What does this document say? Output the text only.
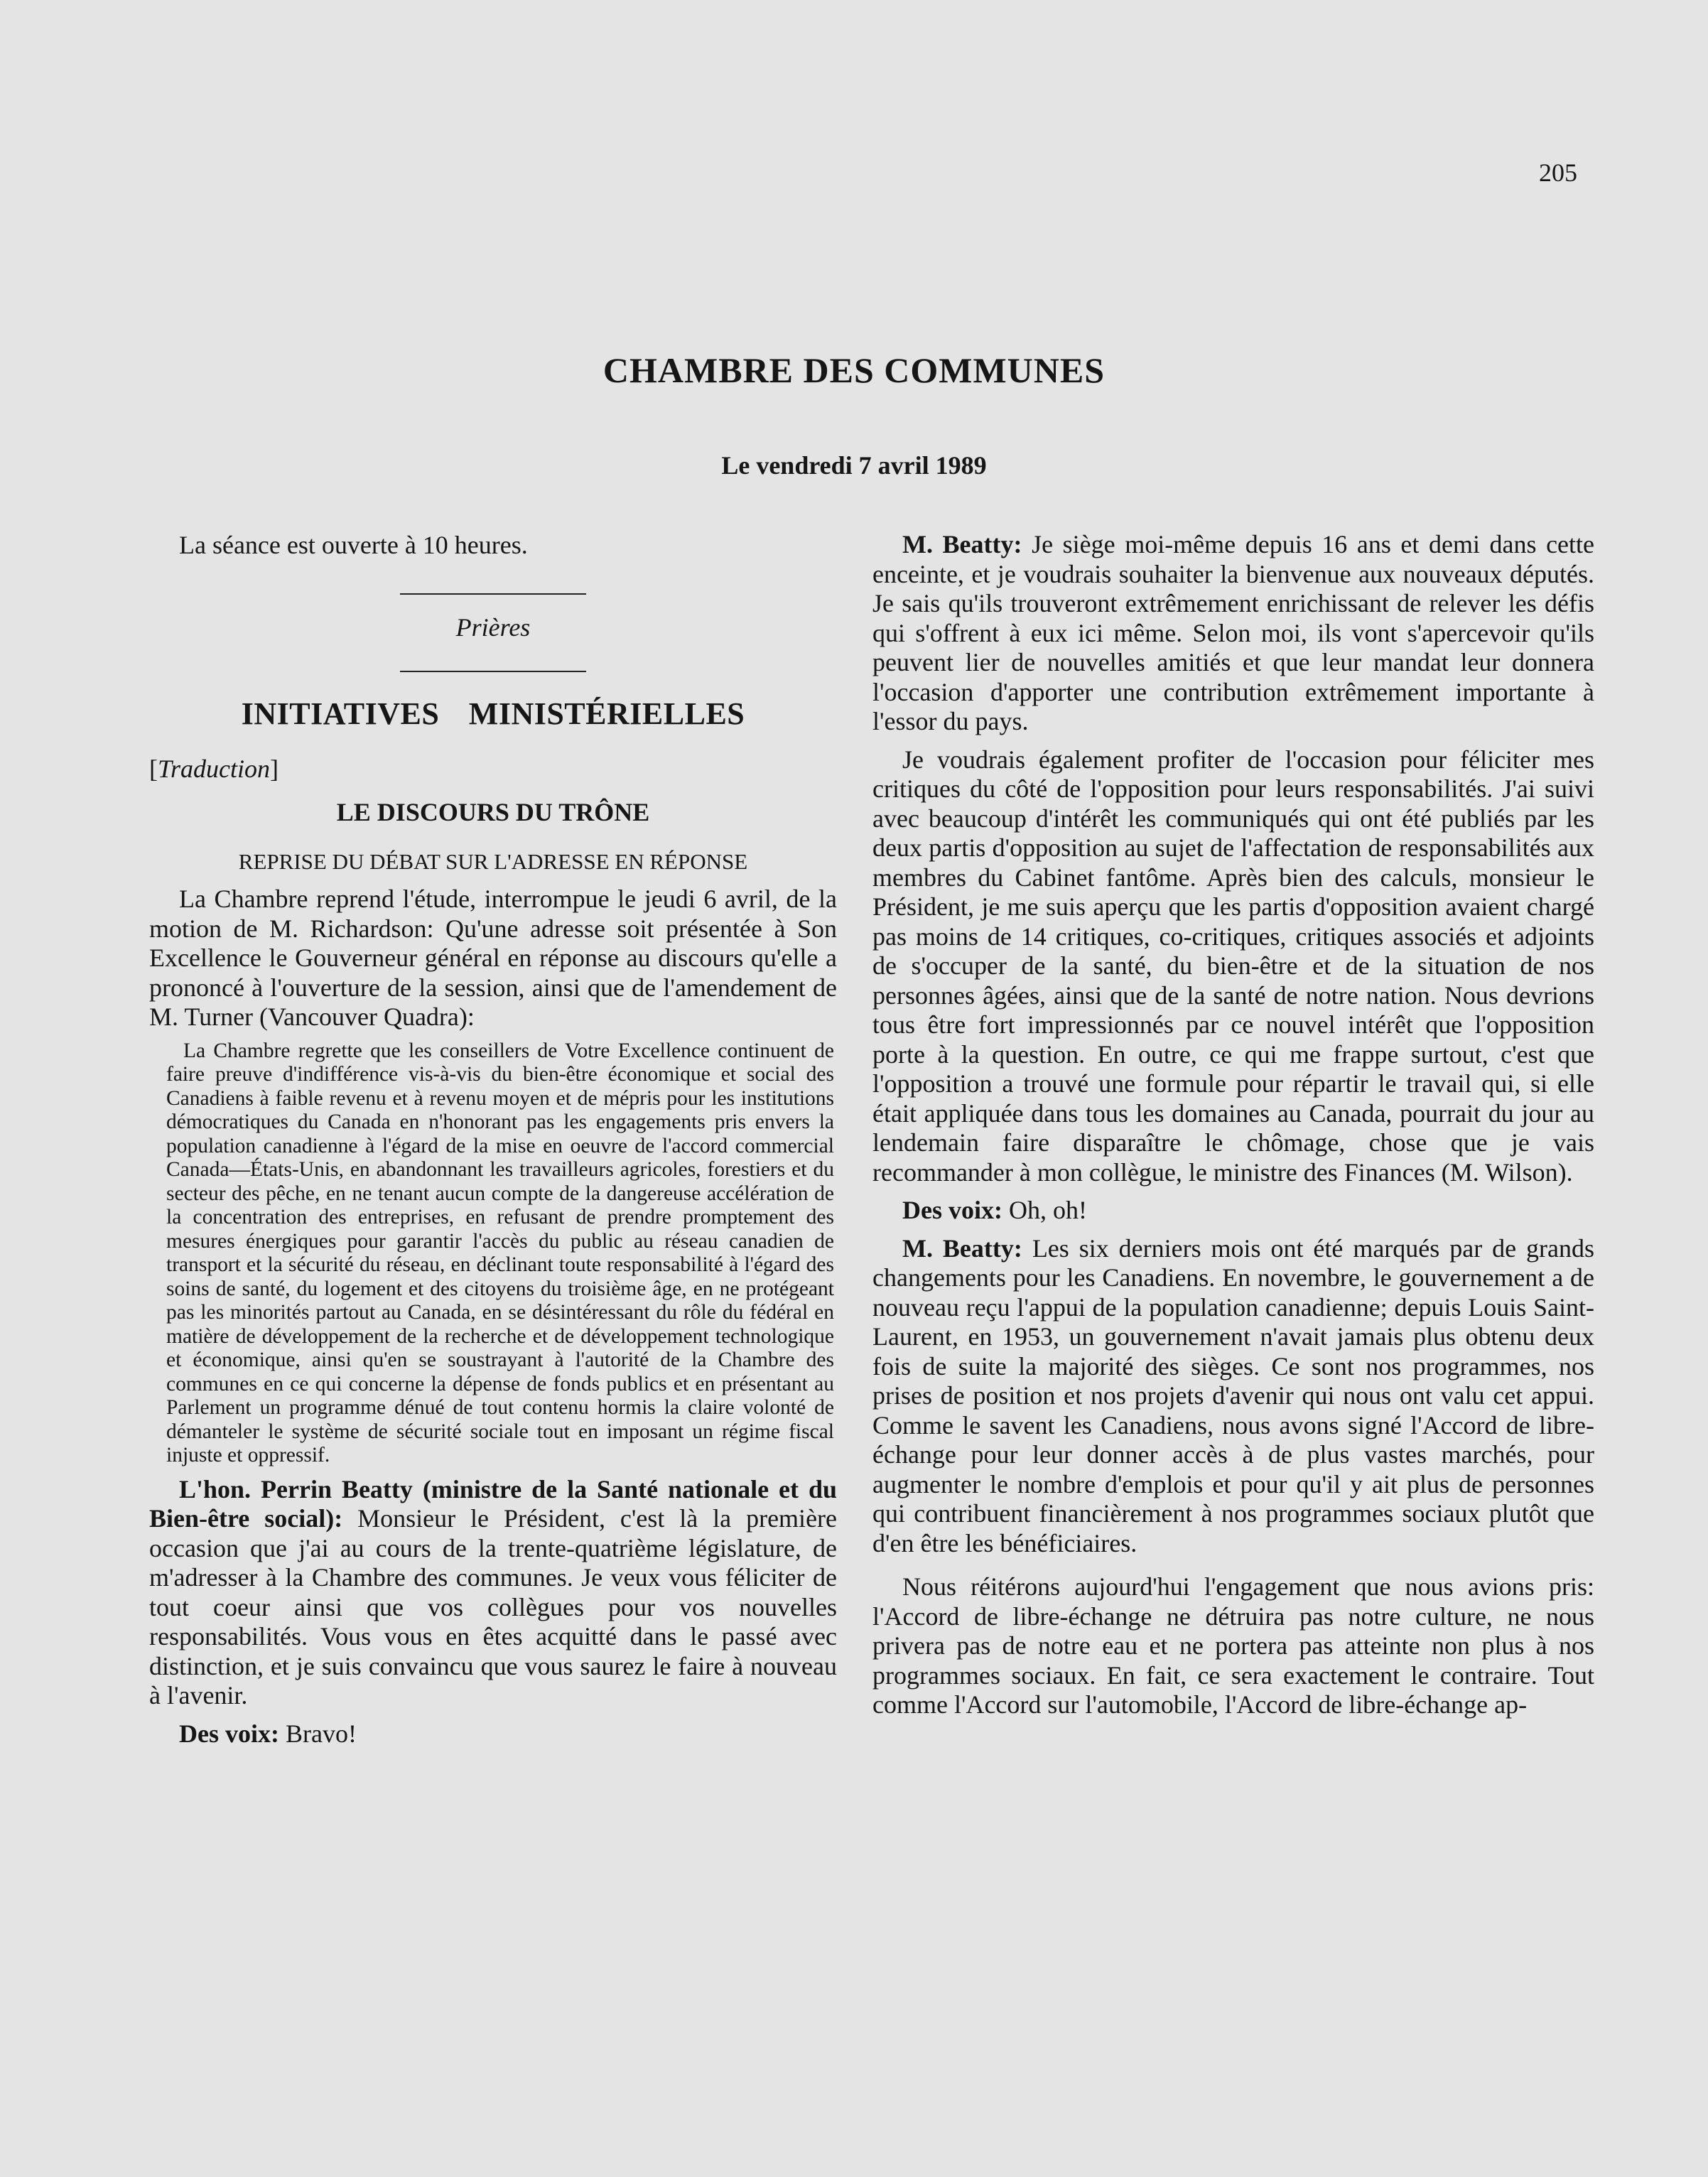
205
CHAMBRE DES COMMUNES
Le vendredi 7 avril 1989

La séance est ouverte à 10 heures.

Prières

INITIATIVES MINISTÉRIELLES

[Traduction]

LE DISCOURS DU TRÔNE

REPRISE DU DÉBAT SUR L'ADRESSE EN RÉPONSE

La Chambre reprend l'étude, interrompue le jeudi 6 avril, de la motion de M. Richardson: Qu'une adresse soit présentée à Son Excellence le Gouverneur général en réponse au discours qu'elle a prononcé à l'ouverture de la session, ainsi que de l'amendement de M. Turner (Vancouver Quadra):

La Chambre regrette que les conseillers de Votre Excellence continuent de faire preuve d'indifférence vis-à-vis du bien-être économique et social des Canadiens à faible revenu et à revenu moyen et de mépris pour les institutions démocratiques du Canada en n'honorant pas les engagements pris envers la population canadienne à l'égard de la mise en oeuvre de l'accord commercial Canada—États-Unis, en abandonnant les travailleurs agricoles, forestiers et du secteur des pêche, en ne tenant aucun compte de la dangereuse accélération de la concentration des entreprises, en refusant de prendre promptement des mesures énergiques pour garantir l'accès du public au réseau canadien de transport et la sécurité du réseau, en déclinant toute responsabilité à l'égard des soins de santé, du logement et des citoyens du troisième âge, en ne protégeant pas les minorités partout au Canada, en se désintéressant du rôle du fédéral en matière de développement de la recherche et de développement technologique et économique, ainsi qu'en se soustrayant à l'autorité de la Chambre des communes en ce qui concerne la dépense de fonds publics et en présentant au Parlement un programme dénué de tout contenu hormis la claire volonté de démanteler le système de sécurité sociale tout en imposant un régime fiscal injuste et oppressif.

L'hon. Perrin Beatty (ministre de la Santé nationale et du Bien-être social): Monsieur le Président, c'est là la première occasion que j'ai au cours de la trente-quatrième législature, de m'adresser à la Chambre des communes. Je veux vous féliciter de tout coeur ainsi que vos collègues pour vos nouvelles responsabilités. Vous vous en êtes acquitté dans le passé avec distinction, et je suis convaincu que vous saurez le faire à nouveau à l'avenir.

Des voix: Bravo!

M. Beatty: Je siège moi-même depuis 16 ans et demi dans cette enceinte, et je voudrais souhaiter la bienvenue aux nouveaux députés. Je sais qu'ils trouveront extrêmement enrichissant de relever les défis qui s'offrent à eux ici même. Selon moi, ils vont s'apercevoir qu'ils peuvent lier de nouvelles amitiés et que leur mandat leur donnera l'occasion d'apporter une contribution extrêmement importante à l'essor du pays.

Je voudrais également profiter de l'occasion pour féliciter mes critiques du côté de l'opposition pour leurs responsabilités. J'ai suivi avec beaucoup d'intérêt les communiqués qui ont été publiés par les deux partis d'opposition au sujet de l'affectation de responsabilités aux membres du Cabinet fantôme. Après bien des calculs, monsieur le Président, je me suis aperçu que les partis d'opposition avaient chargé pas moins de 14 critiques, co-critiques, critiques associés et adjoints de s'occuper de la santé, du bien-être et de la situation de nos personnes âgées, ainsi que de la santé de notre nation. Nous devrions tous être fort impressionnés par ce nouvel intérêt que l'opposition porte à la question. En outre, ce qui me frappe surtout, c'est que l'opposition a trouvé une formule pour répartir le travail qui, si elle était appliquée dans tous les domaines au Canada, pourrait du jour au lendemain faire disparaître le chômage, chose que je vais recommander à mon collègue, le ministre des Finances (M. Wilson).

Des voix: Oh, oh!

M. Beatty: Les six derniers mois ont été marqués par de grands changements pour les Canadiens. En novembre, le gouvernement a de nouveau reçu l'appui de la population canadienne; depuis Louis Saint-Laurent, en 1953, un gouvernement n'avait jamais plus obtenu deux fois de suite la majorité des sièges. Ce sont nos programmes, nos prises de position et nos projets d'avenir qui nous ont valu cet appui. Comme le savent les Canadiens, nous avons signé l'Accord de libre-échange pour leur donner accès à de plus vastes marchés, pour augmenter le nombre d'emplois et pour qu'il y ait plus de personnes qui contribuent financièrement à nos programmes sociaux plutôt que d'en être les bénéficiaires.

Nous réitérons aujourd'hui l'engagement que nous avions pris: l'Accord de libre-échange ne détruira pas notre culture, ne nous privera pas de notre eau et ne portera pas atteinte non plus à nos programmes sociaux. En fait, ce sera exactement le contraire. Tout comme l'Accord sur l'automobile, l'Accord de libre-échange ap-
